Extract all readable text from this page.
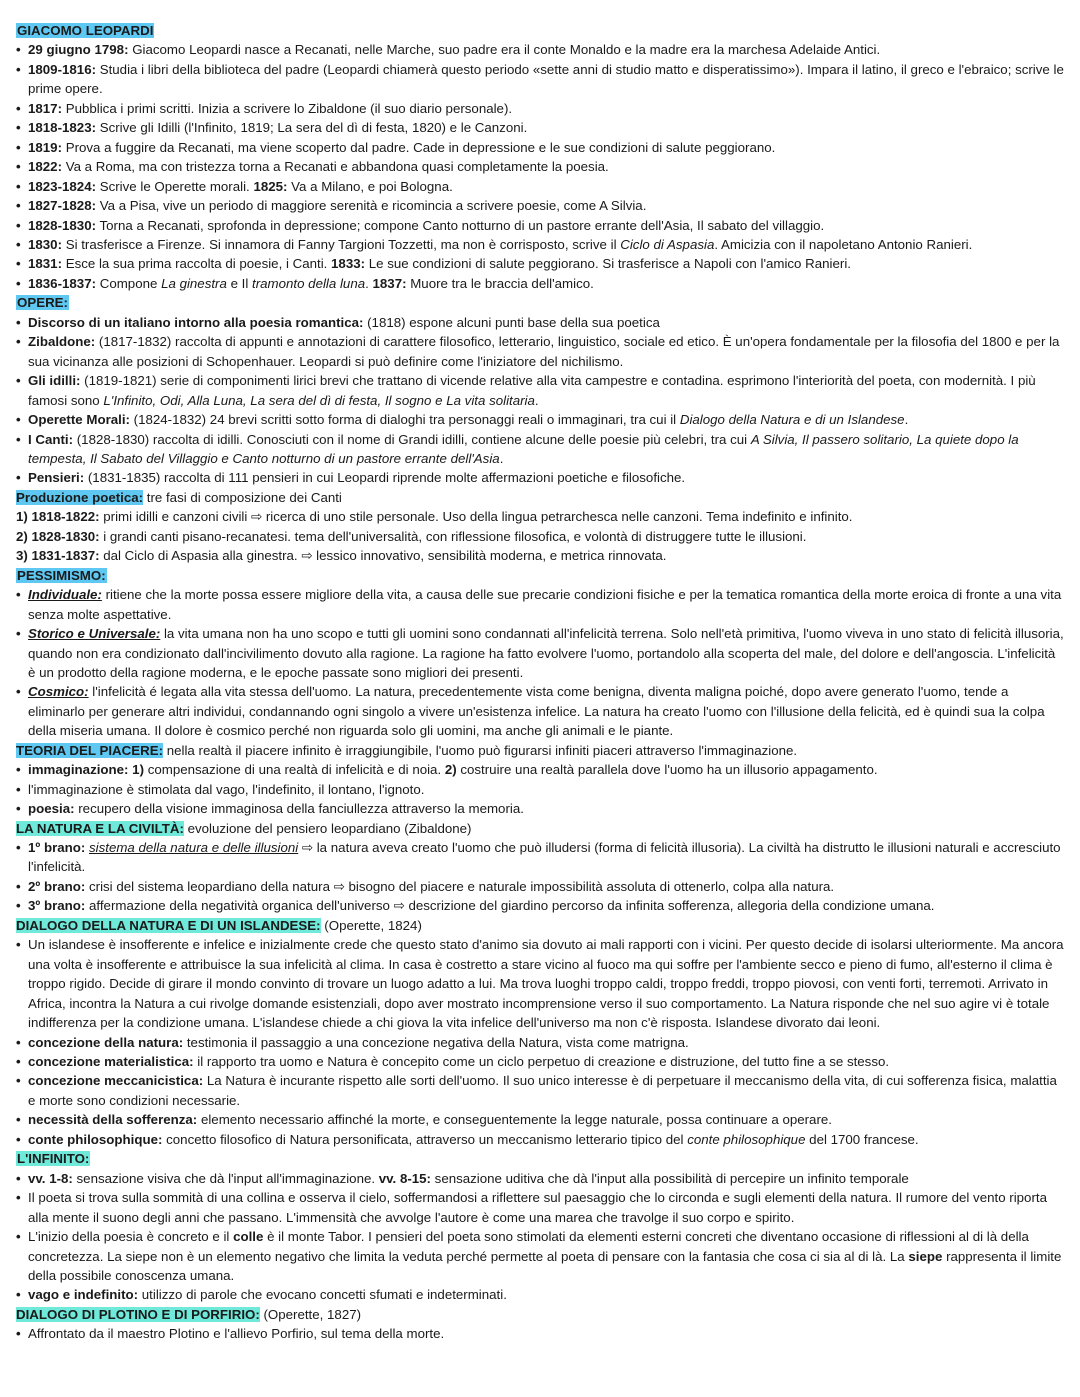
GIACOMO LEOPARDI
• 29 giugno 1798: Giacomo Leopardi nasce a Recanati, nelle Marche, suo padre era il conte Monaldo e la madre era la marchesa Adelaide Antici.
• 1809-1816: Studia i libri della biblioteca del padre (Leopardi chiamerà questo periodo «sette anni di studio matto e disperatissimo»). Impara il latino, il greco e l'ebraico; scrive le prime opere.
• 1817: Pubblica i primi scritti. Inizia a scrivere lo Zibaldone (il suo diario personale).
• 1818-1823: Scrive gli Idilli (l'Infinito, 1819; La sera del dì di festa, 1820) e le Canzoni.
• 1819: Prova a fuggire da Recanati, ma viene scoperto dal padre. Cade in depressione e le sue condizioni di salute peggiorano.
• 1822: Va a Roma, ma con tristezza torna a Recanati e abbandona quasi completamente la poesia.
• 1823-1824: Scrive le Operette morali. 1825: Va a Milano, e poi Bologna.
• 1827-1828: Va a Pisa, vive un periodo di maggiore serenità e ricomincia a scrivere poesie, come A Silvia.
• 1828-1830: Torna a Recanati, sprofonda in depressione; compone Canto notturno di un pastore errante dell'Asia, Il sabato del villaggio.
• 1830: Si trasferisce a Firenze. Si innamora di Fanny Targioni Tozzetti, ma non è corrisposto, scrive il Ciclo di Aspasia. Amicizia con il napoletano Antonio Ranieri.
• 1831: Esce la sua prima raccolta di poesie, i Canti. 1833: Le sue condizioni di salute peggiorano. Si trasferisce a Napoli con l'amico Ranieri.
• 1836-1837: Compone La ginestra e Il tramonto della luna. 1837: Muore tra le braccia dell'amico.
OPERE:
• Discorso di un italiano intorno alla poesia romantica: (1818) espone alcuni punti base della sua poetica
• Zibaldone: (1817-1832) raccolta di appunti e annotazioni di carattere filosofico, letterario, linguistico, sociale ed etico. È un'opera fondamentale per la filosofia del 1800 e per la sua vicinanza alle posizioni di Schopenhauer. Leopardi si può definire come l'iniziatore del nichilismo.
• Gli idilli: (1819-1821) serie di componimenti lirici brevi che trattano di vicende relative alla vita campestre e contadina. esprimono l'interiorità del poeta, con modernità. I più famosi sono L'Infinito, Odi, Alla Luna, La sera del dì di festa, Il sogno e La vita solitaria.
• Operette Morali: (1824-1832) 24 brevi scritti sotto forma di dialoghi tra personaggi reali o immaginari, tra cui il Dialogo della Natura e di un Islandese.
• I Canti: (1828-1830) raccolta di idilli. Conosciuti con il nome di Grandi idilli, contiene alcune delle poesie più celebri, tra cui A Silvia, Il passero solitario, La quiete dopo la tempesta, Il Sabato del Villaggio e Canto notturno di un pastore errante dell'Asia.
• Pensieri: (1831-1835) raccolta di 111 pensieri in cui Leopardi riprende molte affermazioni poetiche e filosofiche.
Produzione poetica: tre fasi di composizione dei Canti
1) 1818-1822: primi idilli e canzoni civili ⇨ ricerca di uno stile personale. Uso della lingua petrarchesca nelle canzoni. Tema indefinito e infinito.
2) 1828-1830: i grandi canti pisano-recanatesi. tema dell'universalità, con riflessione filosofica, e volontà di distruggere tutte le illusioni.
3) 1831-1837: dal Ciclo di Aspasia alla ginestra. ⇨ lessico innovativo, sensibilità moderna, e metrica rinnovata.
PESSIMISMO:
• Individuale: ritiene che la morte possa essere migliore della vita, a causa delle sue precarie condizioni fisiche e per la tematica romantica della morte eroica di fronte a una vita senza molte aspettative.
• Storico e Universale: la vita umana non ha uno scopo e tutti gli uomini sono condannati all'infelicità terrena. Solo nell'età primitiva, l'uomo viveva in uno stato di felicità illusoria, quando non era condizionato dall'incivilimento dovuto alla ragione. La ragione ha fatto evolvere l'uomo, portandolo alla scoperta del male, del dolore e dell'angoscia. L'infelicità è un prodotto della ragione moderna, e le epoche passate sono migliori dei presenti.
• Cosmico: l'infelicità é legata alla vita stessa dell'uomo. La natura, precedentemente vista come benigna, diventa maligna poiché, dopo avere generato l'uomo, tende a eliminarlo per generare altri individui, condannando ogni singolo a vivere un'esistenza infelice. La natura ha creato l'uomo con l'illusione della felicità, ed è quindi sua la colpa della miseria umana. Il dolore è cosmico perché non riguarda solo gli uomini, ma anche gli animali e le piante.
TEORIA DEL PIACERE: nella realtà il piacere infinito è irraggiungibile, l'uomo può figurarsi infiniti piaceri attraverso l'immaginazione.
• immaginazione: 1) compensazione di una realtà di infelicità e di noia. 2) costruire una realtà parallela dove l'uomo ha un illusorio appagamento.
• l'immaginazione è stimolata dal vago, l'indefinito, il lontano, l'ignoto.
• poesia: recupero della visione immaginosa della fanciullezza attraverso la memoria.
LA NATURA E LA CIVILTÀ: evoluzione del pensiero leopardiano (Zibaldone)
• 1º brano: sistema della natura e delle illusioni ⇨ la natura aveva creato l'uomo che può illudersi (forma di felicità illusoria). La civiltà ha distrutto le illusioni naturali e accresciuto l'infelicità.
• 2º brano: crisi del sistema leopardiano della natura ⇨ bisogno del piacere e naturale impossibilità assoluta di ottenerlo, colpa alla natura.
• 3º brano: affermazione della negatività organica dell'universo ⇨ descrizione del giardino percorso da infinita sofferenza, allegoria della condizione umana.
DIALOGO DELLA NATURA E DI UN ISLANDESE: (Operette, 1824)
• Un islandese è insofferente e infelice e inizialmente crede che questo stato d'animo sia dovuto ai mali rapporti con i vicini. Per questo decide di isolarsi ulteriormente. Ma ancora una volta è insofferente e attribuisce la sua infelicità al clima. In casa è costretto a stare vicino al fuoco ma qui soffre per l'ambiente secco e pieno di fumo, all'esterno il clima è troppo rigido. Decide di girare il mondo convinto di trovare un luogo adatto a lui. Ma trova luoghi troppo caldi, troppo freddi, troppo piovosi, con venti forti, terremoti. Arrivato in Africa, incontra la Natura a cui rivolge domande esistenziali, dopo aver mostrato incomprensione verso il suo comportamento. La Natura risponde che nel suo agire vi è totale indifferenza per la condizione umana. L'islandese chiede a chi giova la vita infelice dell'universo ma non c'è risposta. Islandese divorato dai leoni.
• concezione della natura: testimonia il passaggio a una concezione negativa della Natura, vista come matrigna.
• concezione materialistica: il rapporto tra uomo e Natura è concepito come un ciclo perpetuo di creazione e distruzione, del tutto fine a se stesso.
• concezione meccanicistica: La Natura è incurante rispetto alle sorti dell'uomo. Il suo unico interesse è di perpetuare il meccanismo della vita, di cui sofferenza fisica, malattia e morte sono condizioni necessarie.
• necessità della sofferenza: elemento necessario affinché la morte, e conseguentemente la legge naturale, possa continuare a operare.
• conte philosophique: concetto filosofico di Natura personificata, attraverso un meccanismo letterario tipico del conte philosophique del 1700 francese.
L'INFINITO:
• vv. 1-8: sensazione visiva che dà l'input all'immaginazione. vv. 8-15: sensazione uditiva che dà l'input alla possibilità di percepire un infinito temporale
• Il poeta si trova sulla sommità di una collina e osserva il cielo, soffermandosi a riflettere sul paesaggio che lo circonda e sugli elementi della natura. Il rumore del vento riporta alla mente il suono degli anni che passano. L'immensità che avvolge l'autore è come una marea che travolge il suo corpo e spirito.
• L'inizio della poesia è concreto e il colle è il monte Tabor. I pensieri del poeta sono stimolati da elementi esterni concreti che diventano occasione di riflessioni al di là della concretezza. La siepe non è un elemento negativo che limita la veduta perché permette al poeta di pensare con la fantasia che cosa ci sia al di là. La siepe rappresenta il limite della possibile conoscenza umana.
• vago e indefinito: utilizzo di parole che evocano concetti sfumati e indeterminati.
DIALOGO DI PLOTINO E DI PORFIRIO: (Operette, 1827)
• Affrontato da il maestro Plotino e l'allievo Porfirio, sul tema della morte.
